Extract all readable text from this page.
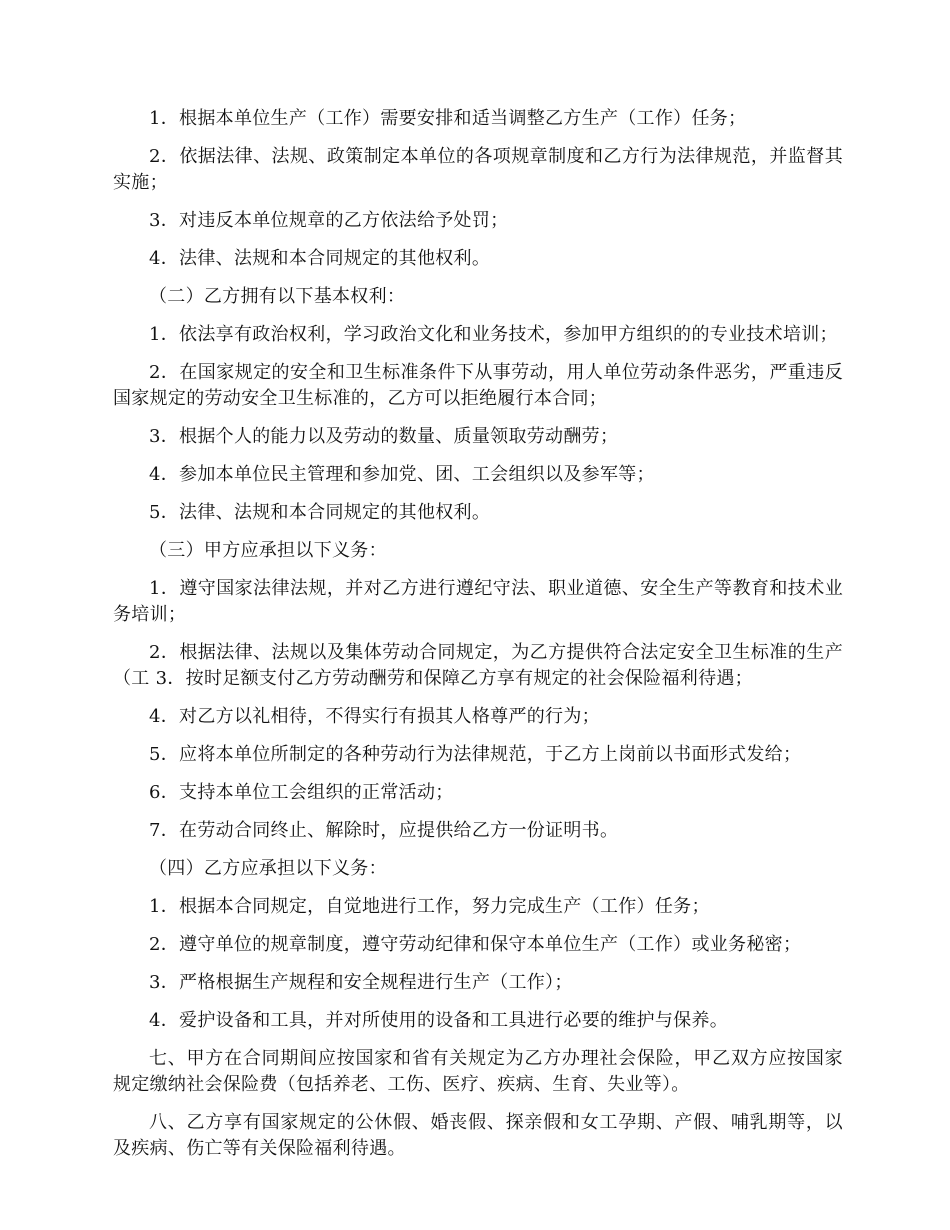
1．根据本单位生产（工作）需要安排和适当调整乙方生产（工作）任务；

2．依据法律、法规、政策制定本单位的各项规章制度和乙方行为法律规范，并监督其实施；

3．对违反本单位规章的乙方依法给予处罚；

4．法律、法规和本合同规定的其他权利。

（二）乙方拥有以下基本权利：

1．依法享有政治权利，学习政治文化和业务技术，参加甲方组织的的专业技术培训；

2．在国家规定的安全和卫生标准条件下从事劳动，用人单位劳动条件恶劣，严重违反国家规定的劳动安全卫生标准的，乙方可以拒绝履行本合同；

3．根据个人的能力以及劳动的数量、质量领取劳动酬劳；

4．参加本单位民主管理和参加党、团、工会组织以及参军等；

5．法律、法规和本合同规定的其他权利。

（三）甲方应承担以下义务：

1．遵守国家法律法规，并对乙方进行遵纪守法、职业道德、安全生产等教育和技术业务培训；

2．根据法律、法规以及集体劳动合同规定，为乙方提供符合法定安全卫生标准的生产（工 3．按时足额支付乙方劳动酬劳和保障乙方享有规定的社会保险福利待遇；

4．对乙方以礼相待，不得实行有损其人格尊严的行为；

5．应将本单位所制定的各种劳动行为法律规范，于乙方上岗前以书面形式发给；

6．支持本单位工会组织的正常活动；

7．在劳动合同终止、解除时，应提供给乙方一份证明书。

（四）乙方应承担以下义务：

1．根据本合同规定，自觉地进行工作，努力完成生产（工作）任务；

2．遵守单位的规章制度，遵守劳动纪律和保守本单位生产（工作）或业务秘密；

3．严格根据生产规程和安全规程进行生产（工作）；

4．爱护设备和工具，并对所使用的设备和工具进行必要的维护与保养。

七、甲方在合同期间应按国家和省有关规定为乙方办理社会保险，甲乙双方应按国家规定缴纳社会保险费（包括养老、工伤、医疗、疾病、生育、失业等）。

八、乙方享有国家规定的公休假、婚丧假、探亲假和女工孕期、产假、哺乳期等，以及疾病、伤亡等有关保险福利待遇。
